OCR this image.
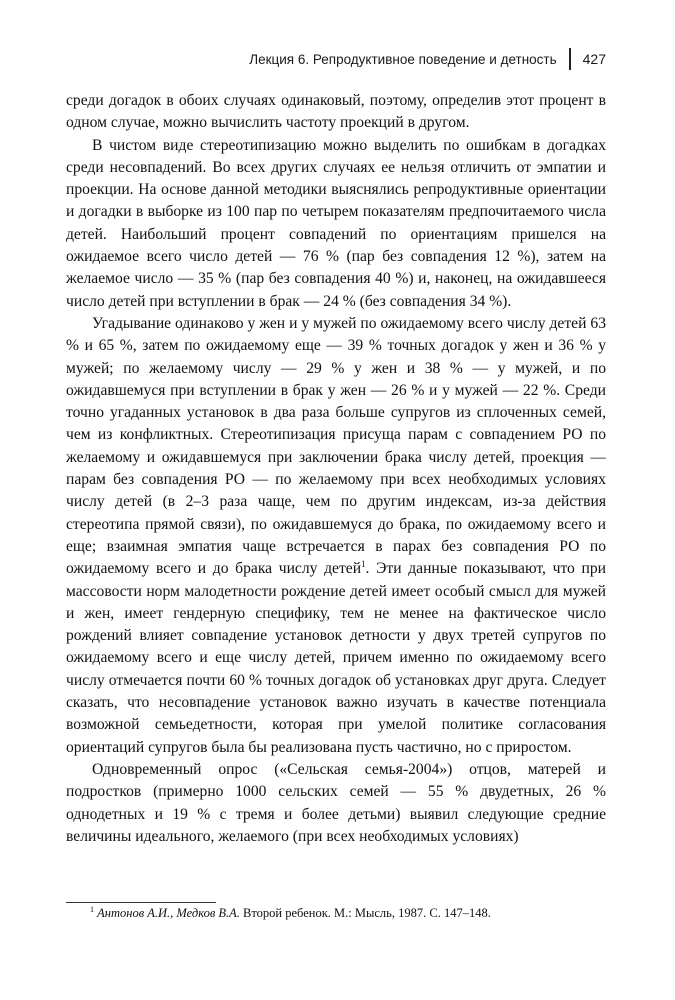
Лекция 6. Репродуктивное поведение и детность 427

среди догадок в обоих случаях одинаковый, поэтому, определив этот процент в одном случае, можно вычислить частоту проекций в другом.

В чистом виде стереотипизацию можно выделить по ошибкам в догадках среди несовпадений. Во всех других случаях ее нельзя отличить от эмпатии и проекции. На основе данной методики выяснялись репродуктивные ориентации и догадки в выборке из 100 пар по четырем показателям предпочитаемого числа детей. Наибольший процент совпадений по ориентациям пришелся на ожидаемое всего число детей — 76 % (пар без совпадения 12 %), затем на желаемое число — 35 % (пар без совпадения 40 %) и, наконец, на ожидавшееся число детей при вступлении в брак — 24 % (без совпадения 34 %).

Угадывание одинаково у жен и у мужей по ожидаемому всего числу детей 63 % и 65 %, затем по ожидаемому еще — 39 % точных догадок у жен и 36 % у мужей; по желаемому числу — 29 % у жен и 38 % — у мужей, и по ожидавшемуся при вступлении в брак у жен — 26 % и у мужей — 22 %. Среди точно угаданных установок в два раза больше супругов из сплоченных семей, чем из конфликтных. Стереотипизация присуща парам с совпадением РО по желаемому и ожидавшемуся при заключении брака числу детей, проекция — парам без совпадения РО — по желаемому при всех необходимых условиях числу детей (в 2–3 раза чаще, чем по другим индексам, из-за действия стереотипа прямой связи), по ожидавшемуся до брака, по ожидаемому всего и еще; взаимная эмпатия чаще встречается в парах без совпадения РО по ожидаемому всего и до брака числу детей$^1$. Эти данные показывают, что при массовости норм малодетности рождение детей имеет особый смысл для мужей и жен, имеет гендерную специфику, тем не менее на фактическое число рождений влияет совпадение установок детности у двух третей супругов по ожидаемому всего и еще числу детей, причем именно по ожидаемому всего числу отмечается почти 60 % точных догадок об установках друг друга. Следует сказать, что несовпадение установок важно изучать в качестве потенциала возможной семьедетности, которая при умелой политике согласования ориентаций супругов была бы реализована пусть частично, но с приростом.

Одновременный опрос («Сельская семья-2004») отцов, матерей и подростков (примерно 1000 сельских семей — 55 % двудетных, 26 % однодетных и 19 % с тремя и более детьми) выявил следующие средние величины идеального, желаемого (при всех необходимых условиях)

$^1$ Антонов А.И., Медков В.А. Второй ребенок. М.: Мысль, 1987. С. 147–148.
